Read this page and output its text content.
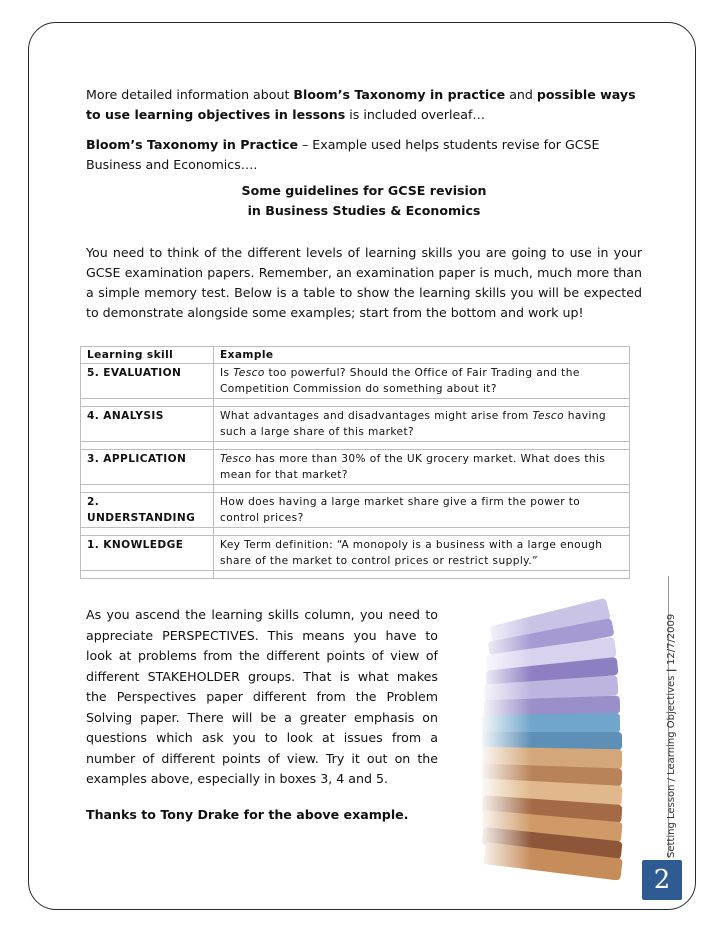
More detailed information about Bloom’s Taxonomy in practice and possible ways to use learning objectives in lessons is included overleaf…

Bloom’s Taxonomy in Practice – Example used helps students revise for GCSE Business and Economics….

Some guidelines for GCSE revision
in Business Studies & Economics
You need to think of the different levels of learning skills you are going to use in your GCSE examination papers. Remember, an examination paper is much, much more than a simple memory test. Below is a table to show the learning skills you will be expected to demonstrate alongside some examples; start from the bottom and work up!
Learning skill	Example
5. EVALUATION	Is Tesco too powerful? Should the Office of Fair Trading and the Competition Commission do something about it?

4. ANALYSIS	What advantages and disadvantages might arise from Tesco having such a large share of this market?

3. APPLICATION	Tesco has more than 30% of the UK grocery market. What does this mean for that market?

2.
UNDERSTANDING	How does having a large market share give a firm the power to control prices?

1. KNOWLEDGE	Key Term definition: “A monopoly is a business with a large enough share of the market to control prices or restrict supply.”

As you ascend the learning skills column, you need to appreciate PERSPECTIVES. This means you have to look at problems from the different points of view of different STAKEHOLDER groups. That is what makes the Perspectives paper different from the Problem Solving paper. There will be a greater emphasis on questions which ask you to look at issues from a number of different points of view. Try it out on the examples above, especially in boxes 3, 4 and 5.
Thanks to Tony Drake for the above example.	Setting Lesson / Learning Objectives | 12/7/2009
2
